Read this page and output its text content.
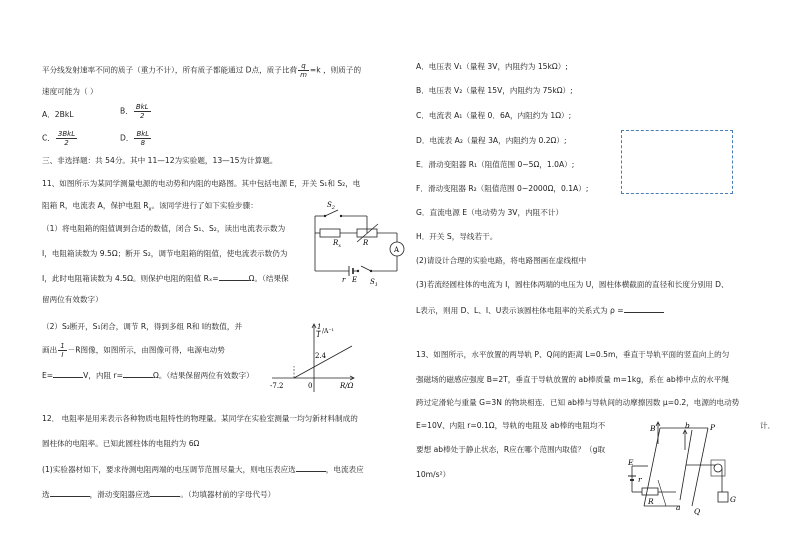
平分线发射速率不同的质子（重力不计），所有质子都能通过 D点，质子比荷 $\frac{q}{m} =k$ ，则质子的
速度可能为（ ）
A．2BkL	B． $\frac{\text{BkL}}{2}$
C． $\frac{\text{3BkL}}{2}$	D． $\frac{\text{BkL}}{8}$
三、非选择题：共 54分。其中 11—12为实验题，13—15为计算题。
11、如图所示为某同学测量电源的电动势和内阻的电路图。其中包括电源 E，开关 S₁和 S₂，电
阻箱 R，电流表 A，保护电阻 $R_x$。该同学进行了如下实验步骤：
（1）将电阻箱的阻值调到合适的数值，闭合 S₁、S₂，读出电流表示数为
I，电阻箱读数为 9.5Ω；断开 S₂，调节电阻箱的阻值，使电流表示数仍为
I，此时电阻箱读数为 4.5Ω。则保护电阻的阻值 Rₓ=	Ω。（结果保
留两位有效数字）
（2）S₂断开，S₁闭合，调节 R，得到多组 R和 I的数值，并
画出 $\frac{1}{I} -R$图像，如图所示，由图像可得，电源电动势
E=	V，内阻 r=	Ω。（结果保留两位有效数字）
12． 电阻率是用来表示各种物质电阻特性的物理量。某同学在实验室测量一均匀新材料制成的
圆柱体的电阻率。已知此圆柱体的电阻约为 6Ω
(1)实验器材如下，要求待测电阻两端的电压调节范围尽量大，则电压表应选	，电流表应
选	，滑动变阻器应选	。（均填器材前的字母代号）
$S_2$
$R_x$	R
A
r E $S_1$
1
I /A⁻¹
2.4
-7.2	0	R/Ω
A．电压表 V₁（量程 3V，内阻约为 15kΩ）;
B．电压表 V₂（量程 15V，内阻约为 75kΩ）;
C．电流表 A₁（量程 0．6A，内阻约为 1Ω）;
D．电流表 A₂（量程 3A，内阻约为 0.2Ω）;
E．滑动变阻器 R₁（阻值范围 0~5Ω，1.0A）;
F．滑动变阻器 R₂（阻值范围 0~2000Ω，0.1A）;
G．直流电源 E（电动势为 3V，内阻不计）
H．开关 S，导线若干。
(2)请设计合理的实验电路，将电路图画在虚线框中
(3)若流经圆柱体的电流为 I，圆柱体两端的电压为 U，圆柱体横截面的直径和长度分别用 D、
L表示，则用 D、L、I、U表示该圆柱体电阻率的关系式为 ρ =
13、如图所示，水平放置的两导轨 P、Q间的距离 L=0.5m，垂直于导轨平面的竖直向上的匀
强磁场的磁感应强度 B=2T，垂直于导轨放置的 ab棒质量 m=1kg，系在 ab棒中点的水平绳
跨过定滑轮与重量 G=3N 的物块相连．已知 ab棒与导轨间的动摩擦因数 μ=0.2，电源的电动势
E=10V、内阻 r=0.1Ω，导轨的电阻及 ab棒的电阻均不	计．
要想 ab棒处于静止状态，R应在哪个范围内取值？（g取
10m/s²）
B	b	P
E
r
R
a Q
G
